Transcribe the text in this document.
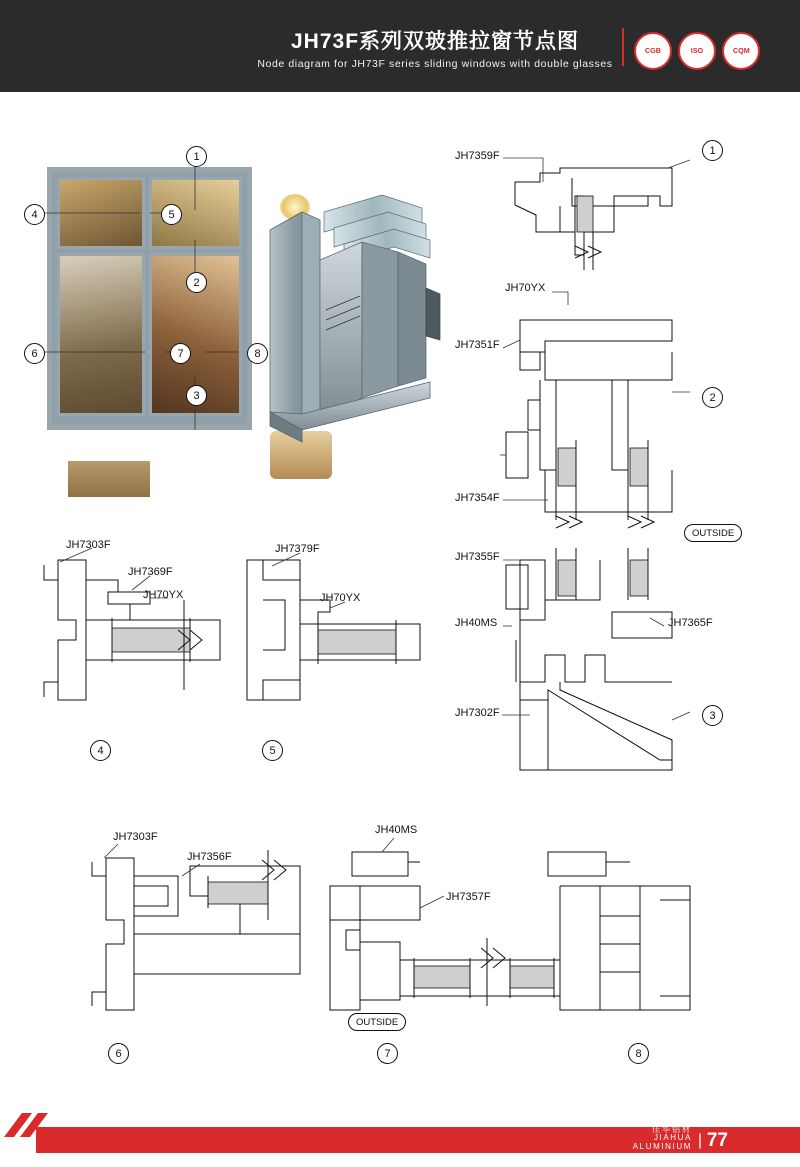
JH73F系列双玻推拉窗节点图
Node diagram for JH73F series sliding windows with double glasses
CGB	ISO	CQM
1
4	5
2
6	7	8
3
JH7359F
JH70YX
JH7351F
JH7354F
JH7355F
JH40MS	JH7365F
JH7302F
1
2
3
OUTSIDE
JH7303F
JH7369F
JH70YX
JH7379F
JH70YX
4	5
JH7303F
JH7356F
JH40MS
JH7357F
OUTSIDE
6	7	8
佳华铝材
JIAHUA
ALUMINIUM | 77
